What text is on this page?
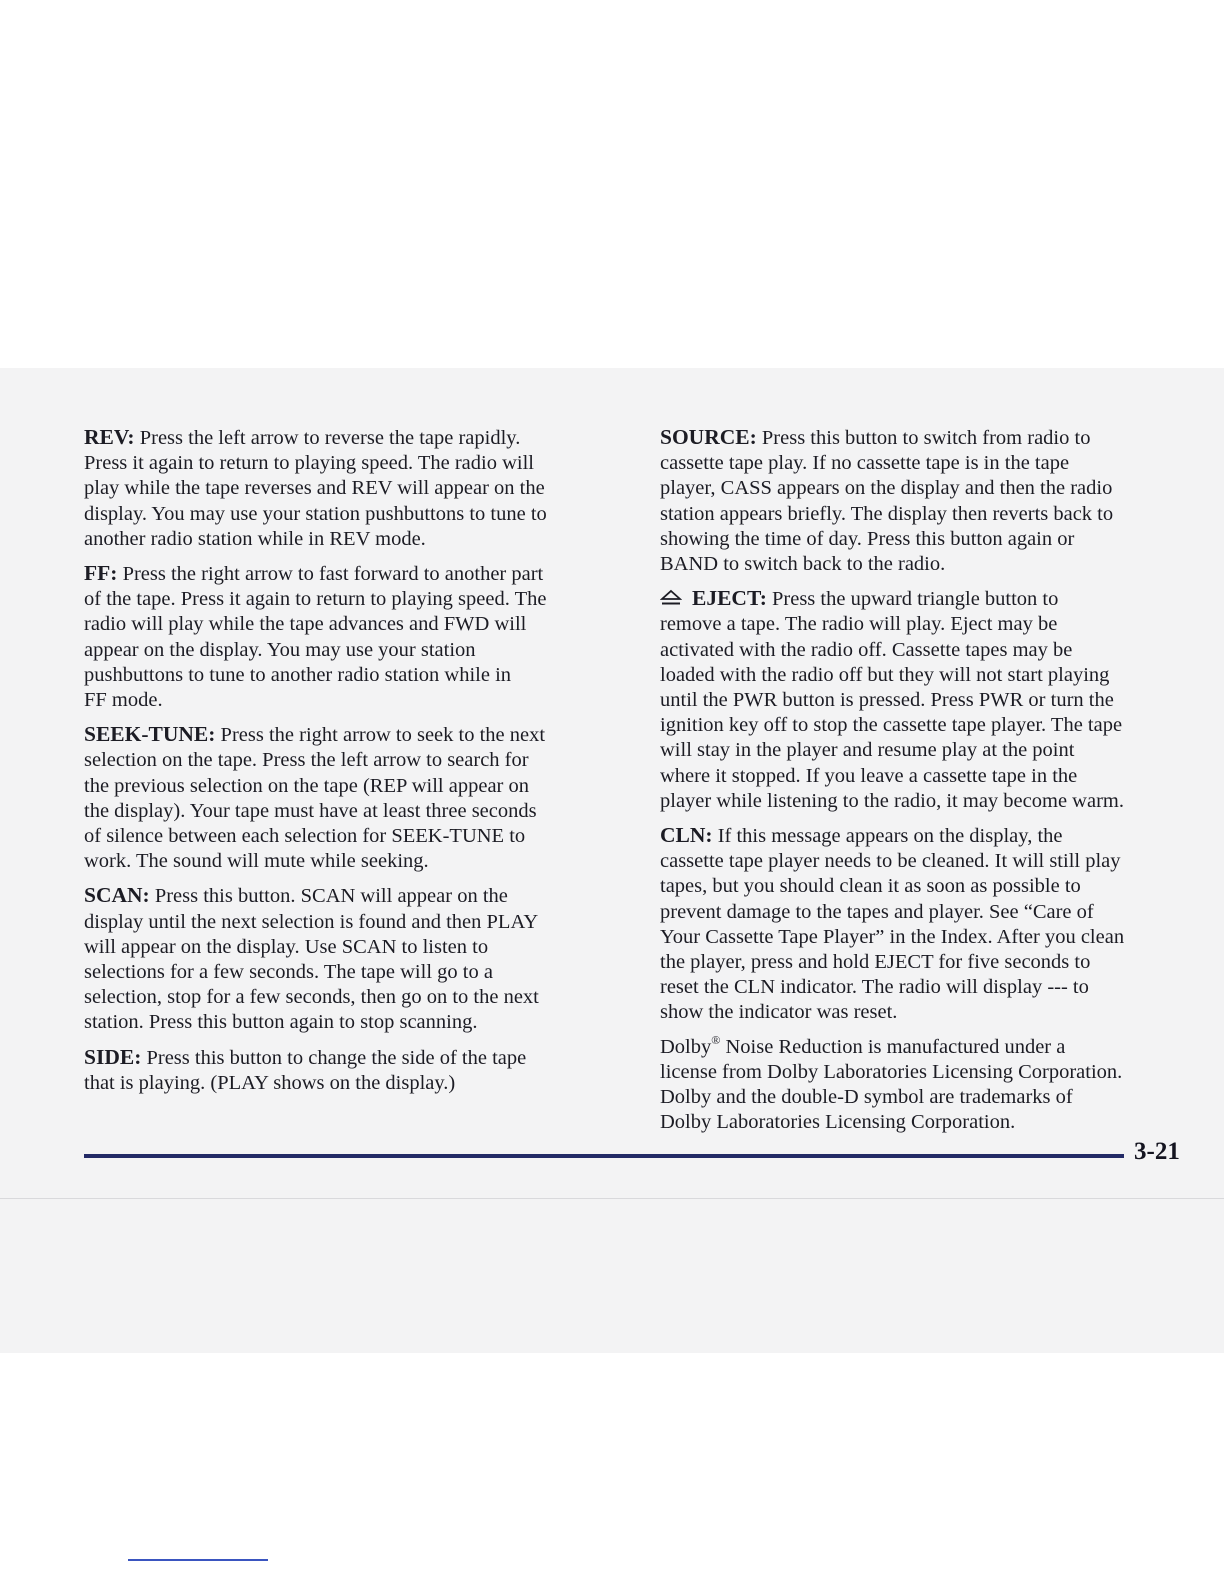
REV: Press the left arrow to reverse the tape rapidly.
Press it again to return to playing speed. The radio will
play while the tape reverses and REV will appear on the
display. You may use your station pushbuttons to tune to
another radio station while in REV mode.

FF: Press the right arrow to fast forward to another part
of the tape. Press it again to return to playing speed. The
radio will play while the tape advances and FWD will
appear on the display. You may use your station
pushbuttons to tune to another radio station while in
FF mode.

SEEK-TUNE: Press the right arrow to seek to the next
selection on the tape. Press the left arrow to search for
the previous selection on the tape (REP will appear on
the display). Your tape must have at least three seconds
of silence between each selection for SEEK-TUNE to
work. The sound will mute while seeking.

SCAN: Press this button. SCAN will appear on the
display until the next selection is found and then PLAY
will appear on the display. Use SCAN to listen to
selections for a few seconds. The tape will go to a
selection, stop for a few seconds, then go on to the next
station. Press this button again to stop scanning.

SIDE: Press this button to change the side of the tape
that is playing. (PLAY shows on the display.)

SOURCE: Press this button to switch from radio to
cassette tape play. If no cassette tape is in the tape
player, CASS appears on the display and then the radio
station appears briefly. The display then reverts back to
showing the time of day. Press this button again or
BAND to switch back to the radio.

EJECT: Press the upward triangle button to
remove a tape. The radio will play. Eject may be
activated with the radio off. Cassette tapes may be
loaded with the radio off but they will not start playing
until the PWR button is pressed. Press PWR or turn the
ignition key off to stop the cassette tape player. The tape
will stay in the player and resume play at the point
where it stopped. If you leave a cassette tape in the
player while listening to the radio, it may become warm.

CLN: If this message appears on the display, the
cassette tape player needs to be cleaned. It will still play
tapes, but you should clean it as soon as possible to
prevent damage to the tapes and player. See “Care of
Your Cassette Tape Player” in the Index. After you clean
the player, press and hold EJECT for five seconds to
reset the CLN indicator. The radio will display --- to
show the indicator was reset.

Dolby® Noise Reduction is manufactured under a
license from Dolby Laboratories Licensing Corporation.
Dolby and the double-D symbol are trademarks of
Dolby Laboratories Licensing Corporation.

3-21
